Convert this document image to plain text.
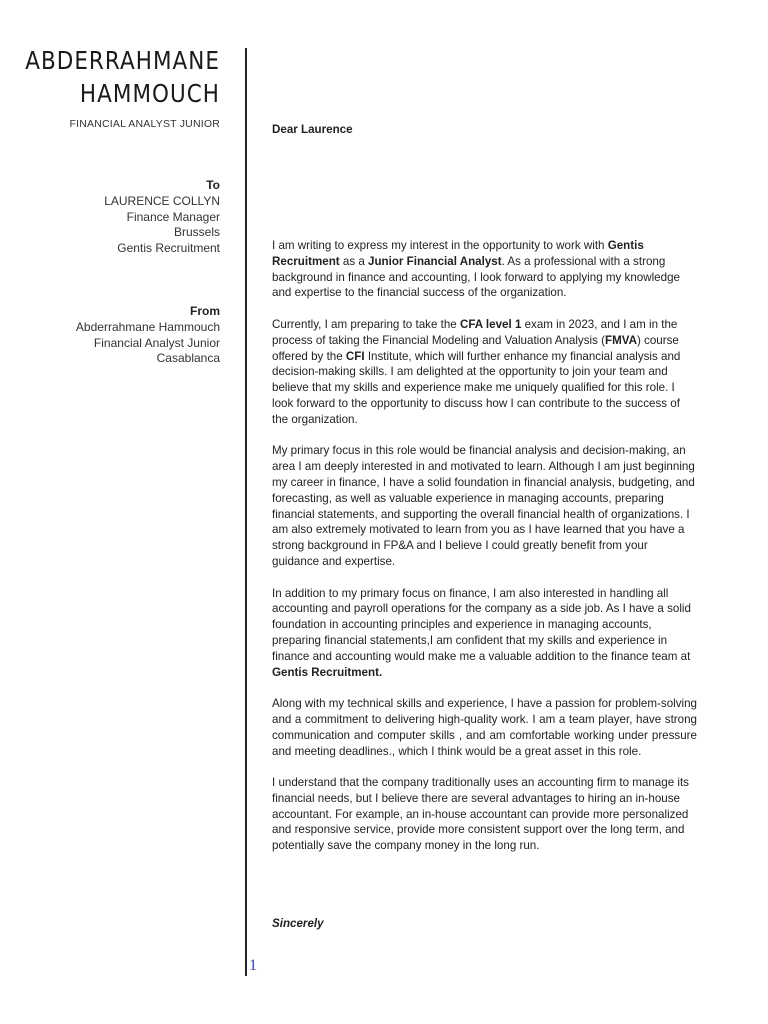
ABDERRAHMANE
HAMMOUCH
FINANCIAL ANALYST JUNIOR
To
LAURENCE COLLYN
Finance Manager
Brussels
Gentis Recruitment
From
Abderrahmane Hammouch
Financial Analyst Junior
Casablanca
1

Dear Laurence

I am writing to express my interest in the opportunity to work with Gentis Recruitment as a Junior Financial Analyst. As a professional with a strong background in finance and accounting, I look forward to applying my knowledge and expertise to the financial success of the organization.

Currently, I am preparing to take the CFA level 1 exam in 2023, and I am in the process of taking the Financial Modeling and Valuation Analysis (FMVA) course offered by the CFI Institute, which will further enhance my financial analysis and decision-making skills. I am delighted at the opportunity to join your team and believe that my skills and experience make me uniquely qualified for this role. I look forward to the opportunity to discuss how I can contribute to the success of the organization.

My primary focus in this role would be financial analysis and decision-making, an area I am deeply interested in and motivated to learn. Although I am just beginning my career in finance, I have a solid foundation in financial analysis, budgeting, and forecasting, as well as valuable experience in managing accounts, preparing financial statements, and supporting the overall financial health of organizations. I am also extremely motivated to learn from you as I have learned that you have a strong background in FP&A and I believe I could greatly benefit from your guidance and expertise.

In addition to my primary focus on finance, I am also interested in handling all accounting and payroll operations for the company as a side job. As I have a solid foundation in accounting principles and experience in managing accounts, preparing financial statements,I am confident that my skills and experience in finance and accounting would make me a valuable addition to the finance team at Gentis Recruitment.

Along with my technical skills and experience, I have a passion for problem-solving and a commitment to delivering high-quality work. I am a team player, have strong communication and computer skills , and am comfortable working under pressure and meeting deadlines., which I think would be a great asset in this role.

I understand that the company traditionally uses an accounting firm to manage its financial needs, but I believe there are several advantages to hiring an in-house accountant. For example, an in-house accountant can provide more personalized and responsive service, provide more consistent support over the long term, and potentially save the company money in the long run.

Sincerely
